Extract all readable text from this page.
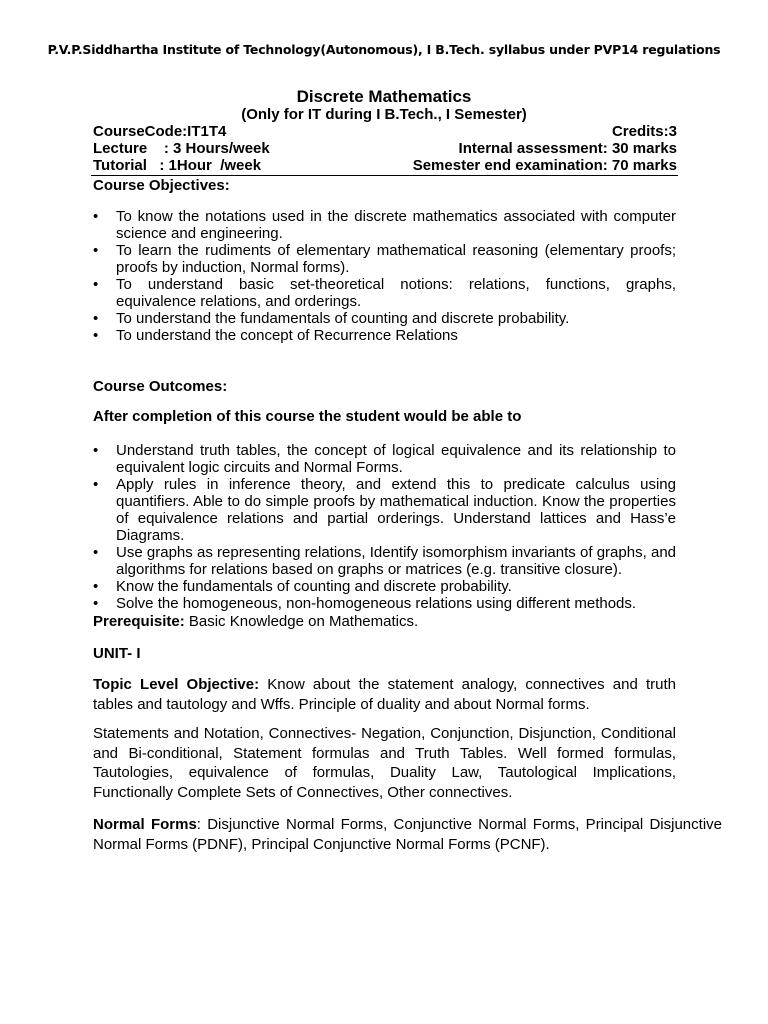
P.V.P.Siddhartha Institute of Technology(Autonomous), I B.Tech. syllabus under PVP14 regulations
Discrete Mathematics
(Only for IT during I B.Tech., I Semester)
CourseCode:IT1T4	Credits:3
Lecture    : 3 Hours/week	Internal assessment: 30 marks
Tutorial   : 1Hour  /week	Semester end examination: 70 marks
Course Objectives:
• To know the notations used in the discrete mathematics associated with computer science and engineering.
• To learn the rudiments of elementary mathematical reasoning (elementary proofs; proofs by induction, Normal forms).
• To understand basic set-theoretical notions: relations, functions, graphs, equivalence relations, and orderings.
• To understand the fundamentals of counting and discrete probability.
• To understand the concept of Recurrence Relations
Course Outcomes:
After completion of this course the student would be able to
• Understand truth tables, the concept of logical equivalence and its relationship to equivalent logic circuits and Normal Forms.
• Apply rules in inference theory, and extend this to predicate calculus using quantifiers. Able to do simple proofs by mathematical induction. Know the properties of equivalence relations and partial orderings. Understand lattices and Hass’e Diagrams.
• Use graphs as representing relations, Identify isomorphism invariants of graphs, and algorithms for relations based on graphs or matrices (e.g. transitive closure).
• Know the fundamentals of counting and discrete probability.
• Solve the homogeneous, non-homogeneous relations using different methods.
Prerequisite: Basic Knowledge on Mathematics.
UNIT- I
Topic Level Objective: Know about the statement analogy, connectives and truth tables and tautology and Wffs. Principle of duality and about Normal forms.
Statements and Notation, Connectives- Negation, Conjunction, Disjunction, Conditional and Bi-conditional, Statement formulas and Truth Tables. Well formed formulas, Tautologies, equivalence of formulas, Duality Law, Tautological Implications, Functionally Complete Sets of Connectives, Other connectives.
Normal Forms: Disjunctive Normal Forms, Conjunctive Normal Forms, Principal Disjunctive Normal Forms (PDNF), Principal Conjunctive Normal Forms (PCNF).
